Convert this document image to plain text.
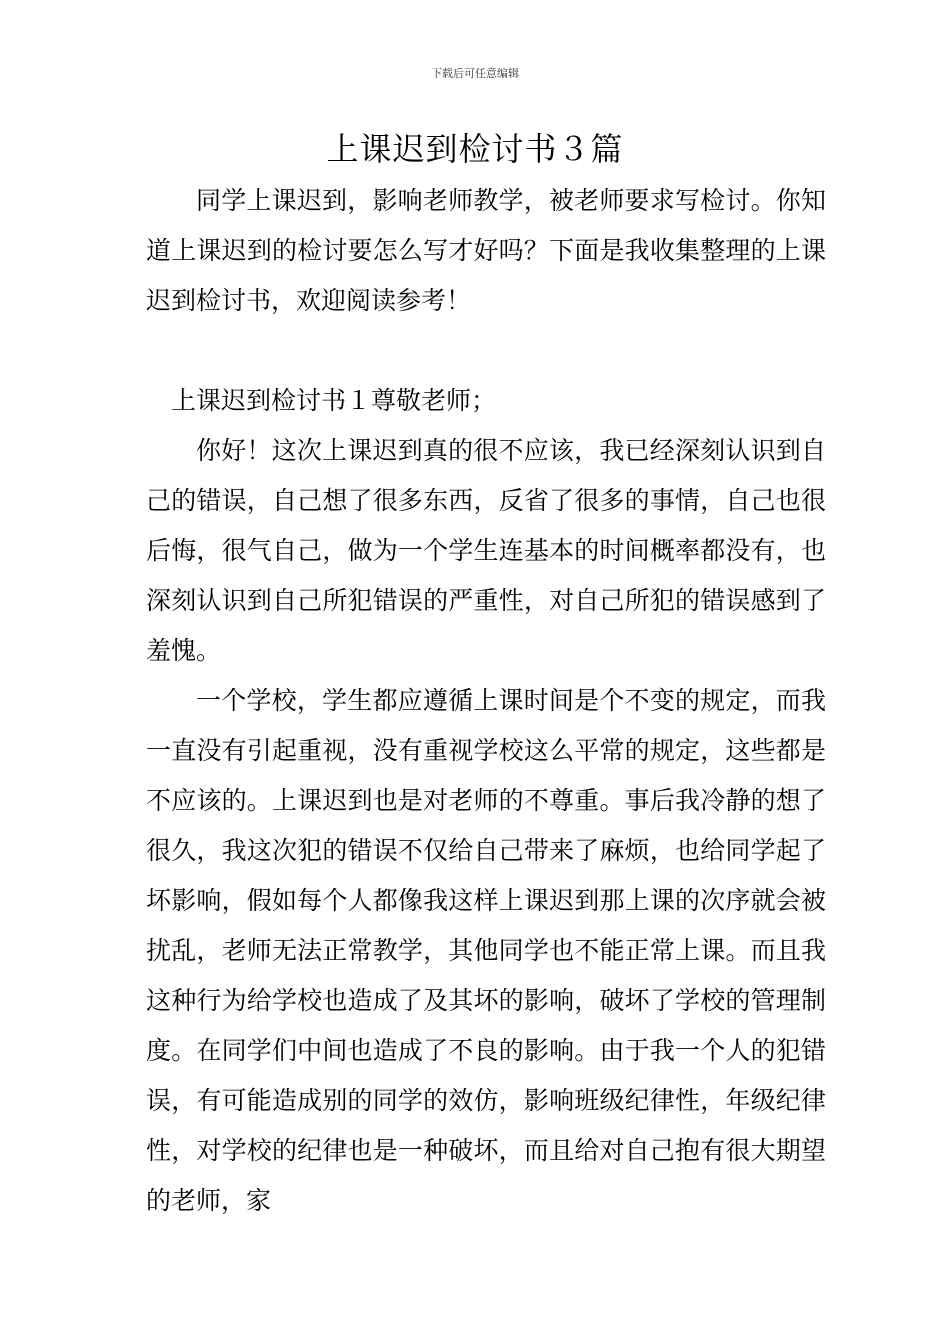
下载后可任意编辑
上课迟到检讨书３篇

同学上课迟到，影响老师教学，被老师要求写检讨。你知道上课迟到的检讨要怎么写才好吗？下面是我收集整理的上课迟到检讨书，欢迎阅读参考！

上课迟到检讨书１尊敬老师；

你好！这次上课迟到真的很不应该，我已经深刻认识到自己的错误，自己想了很多东西，反省了很多的事情，自己也很后悔，很气自己，做为一个学生连基本的时间概率都没有，也深刻认识到自己所犯错误的严重性，对自己所犯的错误感到了羞愧。

一个学校，学生都应遵循上课时间是个不变的规定，而我一直没有引起重视，没有重视学校这么平常的规定，这些都是不应该的。上课迟到也是对老师的不尊重。事后我冷静的想了很久，我这次犯的错误不仅给自己带来了麻烦，也给同学起了坏影响，假如每个人都像我这样上课迟到那上课的次序就会被扰乱，老师无法正常教学，其他同学也不能正常上课。而且我这种行为给学校也造成了及其坏的影响，破坏了学校的管理制度。在同学们中间也造成了不良的影响。由于我一个人的犯错误，有可能造成别的同学的效仿，影响班级纪律性，年级纪律性，对学校的纪律也是一种破坏，而且给对自己抱有很大期望的老师，家
